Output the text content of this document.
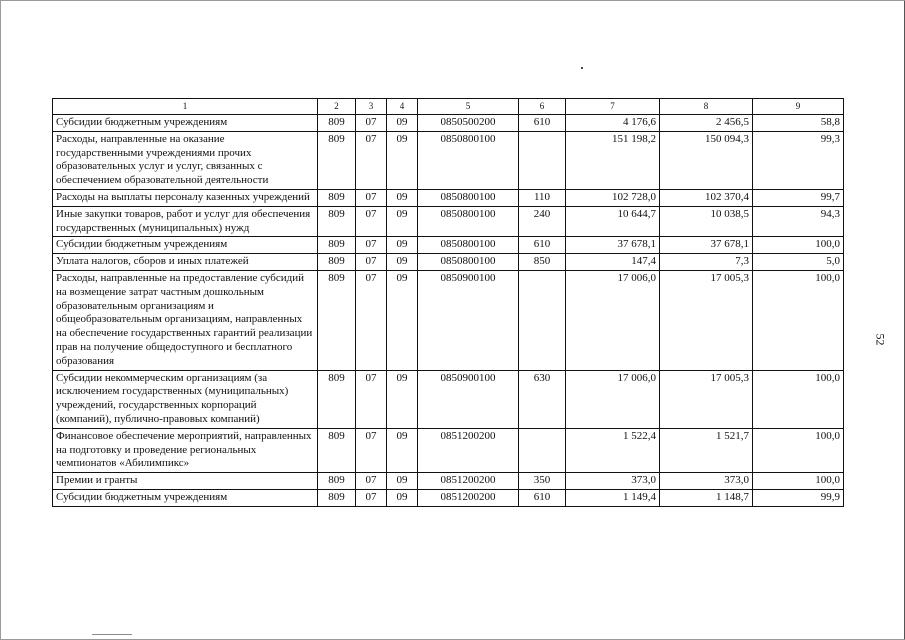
1	2	3	4	5	6	7	8	9
Субсидии бюджетным учреждениям	809	07	09	0850500200	610	4 176,6	2 456,5	58,8
Расходы, направленные на оказание государственными учреждениями прочих образовательных услуг и услуг, связанных с обеспечением образовательной деятельности	809	07	09	0850800100		151 198,2	150 094,3	99,3
Расходы на выплаты персоналу казенных учреждений	809	07	09	0850800100	110	102 728,0	102 370,4	99,7
Иные закупки товаров, работ и услуг для обеспечения государственных (муниципальных) нужд	809	07	09	0850800100	240	10 644,7	10 038,5	94,3
Субсидии бюджетным учреждениям	809	07	09	0850800100	610	37 678,1	37 678,1	100,0
Уплата налогов, сборов и иных платежей	809	07	09	0850800100	850	147,4	7,3	5,0
Расходы, направленные на предоставление субсидий на возмещение затрат частным дошкольным образовательным организациям и общеобразовательным организациям, направленных на обеспечение государственных гарантий реализации прав на получение общедоступного и бесплатного образования	809	07	09	0850900100		17 006,0	17 005,3	100,0
Субсидии некоммерческим организациям (за исключением государственных (муниципальных) учреждений, государственных корпораций (компаний), публично-правовых компаний)	809	07	09	0850900100	630	17 006,0	17 005,3	100,0
Финансовое обеспечение мероприятий, направленных на подготовку и проведение региональных чемпионатов «Абилимпикс»	809	07	09	0851200200		1 522,4	1 521,7	100,0
Премии и гранты	809	07	09	0851200200	350	373,0	373,0	100,0
Субсидии бюджетным учреждениям	809	07	09	0851200200	610	1 149,4	1 148,7	99,9
52
